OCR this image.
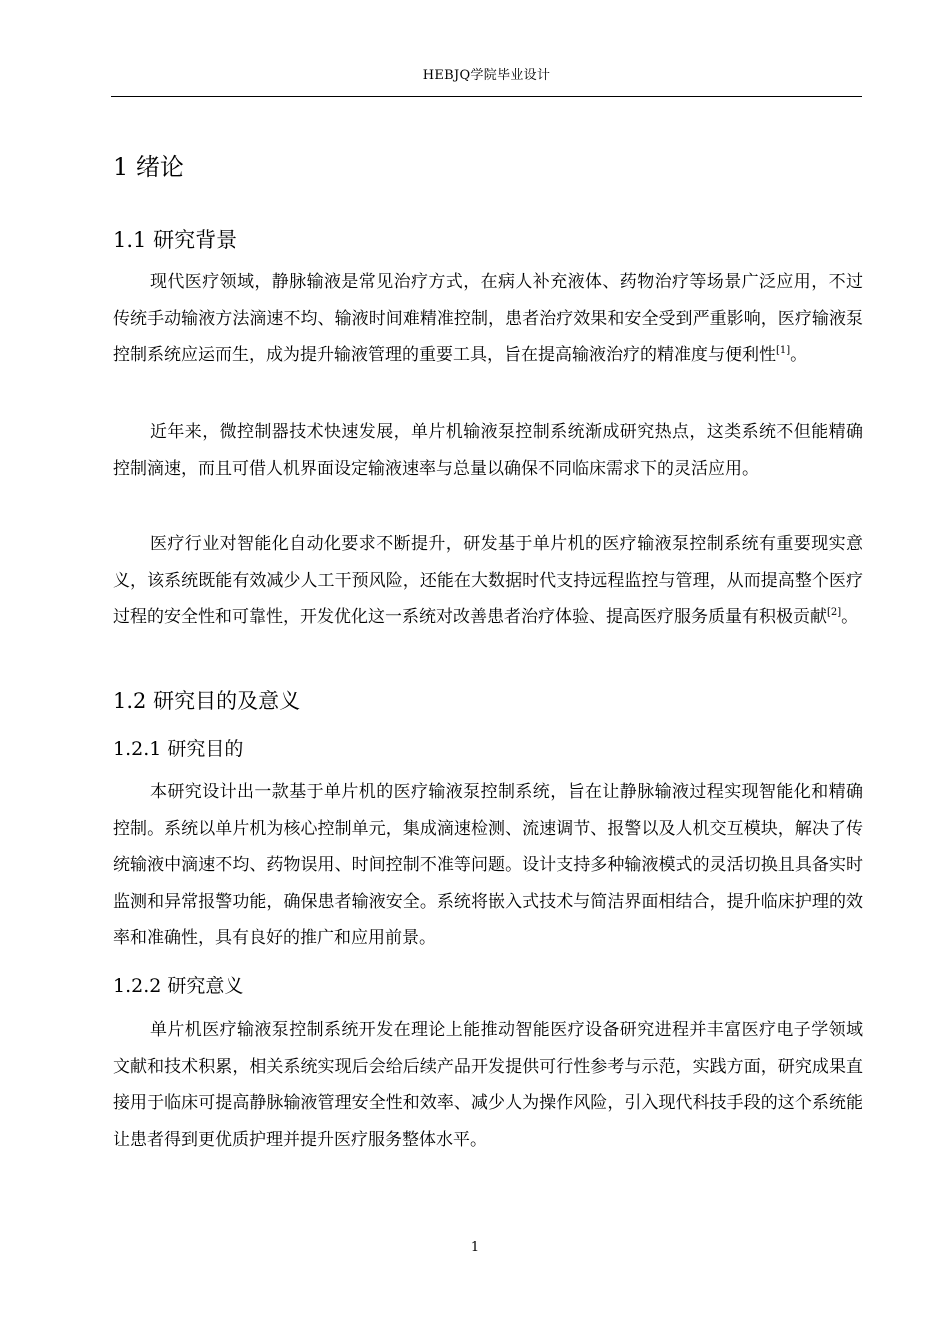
HEBJQ学院毕业设计
1 绪论
1.1 研究背景
现代医疗领域，静脉输液是常见治疗方式，在病人补充液体、药物治疗等场景广泛应用，不过传统手动输液方法滴速不均、输液时间难精准控制，患者治疗效果和安全受到严重影响，医疗输液泵控制系统应运而生，成为提升输液管理的重要工具，旨在提高输液治疗的精准度与便利性[1]。
近年来，微控制器技术快速发展，单片机输液泵控制系统渐成研究热点，这类系统不但能精确控制滴速，而且可借人机界面设定输液速率与总量以确保不同临床需求下的灵活应用。
医疗行业对智能化自动化要求不断提升，研发基于单片机的医疗输液泵控制系统有重要现实意义，该系统既能有效减少人工干预风险，还能在大数据时代支持远程监控与管理，从而提高整个医疗过程的安全性和可靠性，开发优化这一系统对改善患者治疗体验、提高医疗服务质量有积极贡献[2]。
1.2 研究目的及意义
1.2.1 研究目的
本研究设计出一款基于单片机的医疗输液泵控制系统，旨在让静脉输液过程实现智能化和精确控制。系统以单片机为核心控制单元，集成滴速检测、流速调节、报警以及人机交互模块，解决了传统输液中滴速不均、药物误用、时间控制不准等问题。设计支持多种输液模式的灵活切换且具备实时监测和异常报警功能，确保患者输液安全。系统将嵌入式技术与简洁界面相结合，提升临床护理的效率和准确性，具有良好的推广和应用前景。
1.2.2 研究意义
单片机医疗输液泵控制系统开发在理论上能推动智能医疗设备研究进程并丰富医疗电子学领域文献和技术积累，相关系统实现后会给后续产品开发提供可行性参考与示范，实践方面，研究成果直接用于临床可提高静脉输液管理安全性和效率、减少人为操作风险，引入现代科技手段的这个系统能让患者得到更优质护理并提升医疗服务整体水平。
1
